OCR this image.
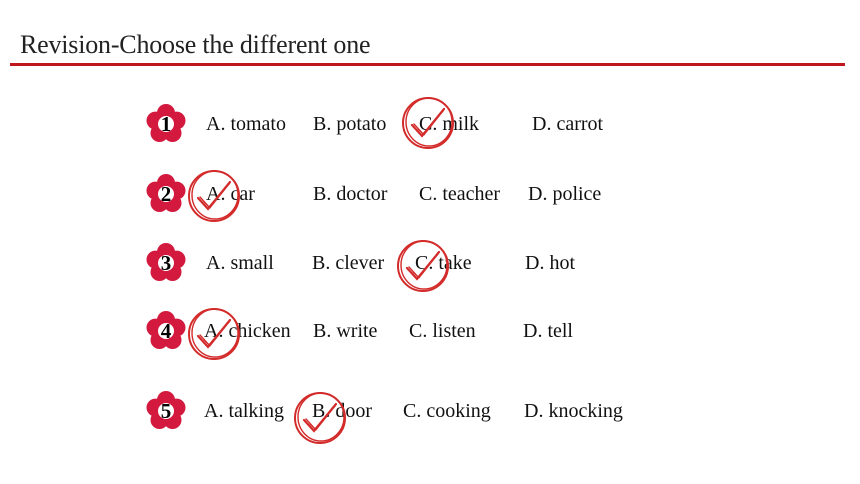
Revision-Choose the different one
1	A. tomato B. potato C. milk	D. carrot
2	A. car	B. doctor C. teacher D. police
3	A. small B. clever C. take	D. hot
4	A. chicken B. write C. listen D. tell
5	A. talking B. door C. cooking D. knocking
